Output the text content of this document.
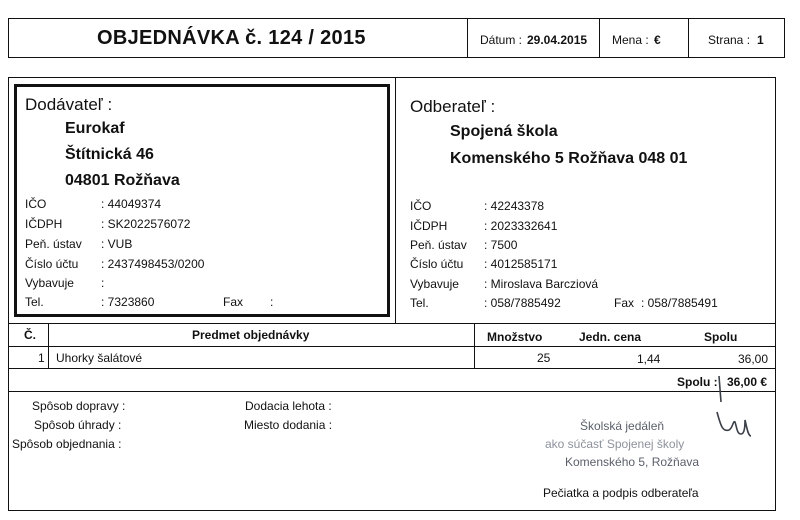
OBJEDNÁVKA č. 124 / 2015	Dátum : 29.04.2015 Mena : €	Strana : 1
Dodávateľ :
Eurokaf
Štítnická 46
04801 Rožňava
IČO	: 44049374
IČDPH	: SK2022576072
Peň. ústav : VUB
Číslo účtu : 2437498453/0200
Vybavuje :
Tel.	: 7323860	Fax :
Odberateľ :
Spojená škola
Komenského 5 Rožňava 048 01
IČO	: 42243378
IČDPH	: 2023332641
Peň. ústav : 7500
Číslo účtu : 4012585171
Vybavuje : Miroslava Barcziová
Tel.	: 058/7885492	Fax : 058/7885491
Č.	Predmet objednávky	Množstvo	Jedn. cena	Spolu
1 Uhorky šalátové	25	1,44	36,00
Spolu : 36,00 €
Spôsob dopravy :
Spôsob úhrady :
Spôsob objednania :
Dodacia lehota :
Miesto dodania :
Pečiatka a podpis odberateľa
Školská jedáleň
ako súčasť Spojenej školy
Komenského 5, Rožňava
